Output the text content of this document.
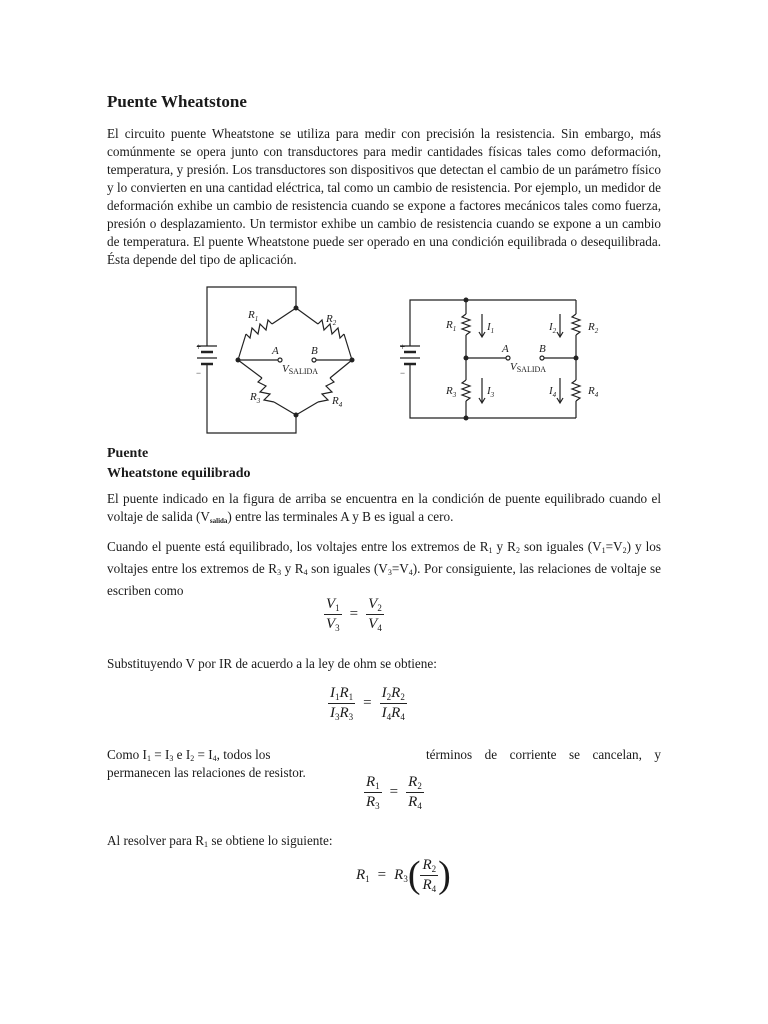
Puente Wheatstone

El circuito puente Wheatstone se utiliza para medir con precisión la resistencia. Sin embargo, más comúnmente se opera junto con transductores para medir cantidades físicas tales como deformación, temperatura, y presión. Los transductores son dispositivos que detectan el cambio de un parámetro físico y lo convierten en una cantidad eléctrica, tal como un cambio de resistencia. Por ejemplo, un medidor de deformación exhibe un cambio de resistencia cuando se expone a factores mecánicos tales como fuerza, presión o desplazamiento. Un termistor exhibe un cambio de resistencia cuando se expone a un cambio de temperatura. El puente Wheatstone puede ser operado en una condición equilibrada o desequilibrada. Ésta depende del tipo de aplicación.

+
−
$R_1$	$R_2$
$R_3$	$R_4$
A	B
VSALIDA
+
−
$R_1$	$I_1$	$I_2$	$R_2$
$R_3$	$I_3$	$I_4$	$R_4$
A	B
VSALIDA
Puente
Wheatstone equilibrado

El puente indicado en la figura de arriba se encuentra en la condición de puente equilibrado cuando el voltaje de salida (Vsalida) entre las terminales A y B es igual a cero.

Cuando el puente está equilibrado, los voltajes entre los extremos de $R_1$ y $R_2$ son iguales $(V_1=V_2)$ y los voltajes entre los extremos de $R_3$ y $R_4$ son iguales $(V_3=V_4)$. Por consiguiente, las relaciones de voltaje se escriben como

$\frac{V_1}{V_3} = \frac{V_2}{V_4}$

Substituyendo V por IR de acuerdo a la ley de ohm se obtiene:

$\frac{I_1R_1}{I_3R_3} = \frac{I_2R_2}{I_4R_4}$
Como $I_1 = I_3$ e $I_2 = I_4$, todos los	términos de corriente se cancelan, y
permanecen las relaciones de resistor.
$\frac{R_1}{R_3} = \frac{R_2}{R_4}$

Al resolver para $R_1$ se obtiene lo siguiente:

$R_1 = R_3( \frac{R_2}{R_4}$ )
